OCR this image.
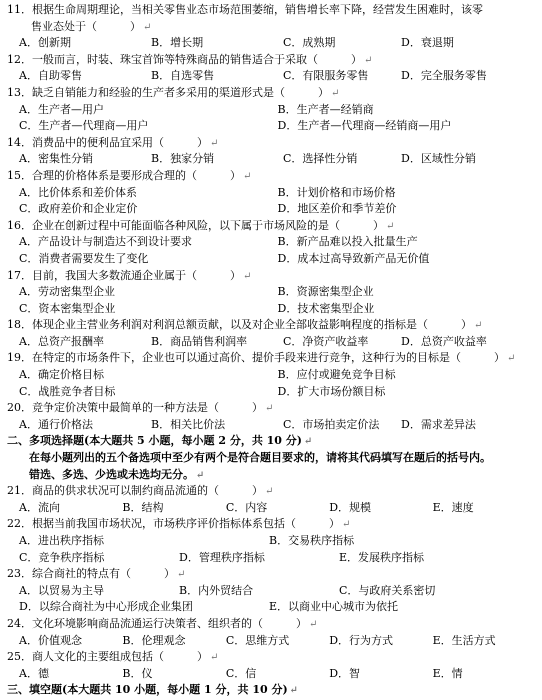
11．根据生命周期理论，当相关零售业态市场范围萎缩，销售增长率下降，经营发生困难时，该零
售业态处于（　　　） ↵
A．创新期	B．增长期	C．成熟期	D．衰退期
12．一般而言，时装、珠宝首饰等特殊商品的销售适合于采取（　　　） ↵
A．自助零售	B．自选零售	C．有限服务零售	D．完全服务零售
13．缺乏自销能力和经验的生产者多采用的渠道形式是（　　　） ↵
A．生产者—用户	B．生产者—经销商
C．生产者—代理商—用户	D．生产者—代理商—经销商—用户
14．消费品中的便利品宜采用（　　　） ↵
A．密集性分销	B．独家分销	C．选择性分销	D．区域性分销
15．合理的价格体系是要形成合理的（　　　） ↵
A．比价体系和差价体系	B．计划价格和市场价格
C．政府差价和企业定价	D．地区差价和季节差价
16．企业在创新过程中可能面临各种风险，以下属于市场风险的是（　　　） ↵
A．产品设计与制造达不到设计要求	B．新产品难以投入批量生产
C．消费者需要发生了变化	D．成本过高导致新产品无价值
17．目前，我国大多数流通企业属于（　　　） ↵
A．劳动密集型企业	B．资源密集型企业
C．资本密集型企业	D．技术密集型企业
18．体现企业主营业务利润对利润总额贡献，以及对企业全部收益影响程度的指标是（　　　） ↵
A．总资产报酬率	B．商品销售利润率	C．净资产收益率	D．总资产收益率
19．在特定的市场条件下，企业也可以通过高价、提价手段来进行竞争，这种行为的目标是（　　　） ↵
A．确定价格目标	B．应付或避免竞争目标
C．战胜竞争者目标	D．扩大市场份额目标
20．竞争定价决策中最简单的一种方法是（　　　） ↵
A．通行价格法	B．相关比价法	C．市场拍卖定价法	D．需求差异法
二、多项选择题(本大题共 5 小题，每小题 2 分，共 10 分) ↵
在每小题列出的五个备选项中至少有两个是符合题目要求的，请将其代码填写在题后的括号内。
错选、多选、少选或未选均无分。 ↵
21．商品的供求状况可以制约商品流通的（　　　） ↵
A．流向	B．结构	C．内容	D．规模	E．速度
22．根据当前我国市场状况，市场秩序评价指标体系包括（　　　） ↵
A．进出秩序指标	B．交易秩序指标
C．竞争秩序指标	D．管理秩序指标	E．发展秩序指标
23．综合商社的特点有（　　　） ↵
A．以贸易为主导	B．内外贸结合	C．与政府关系密切
D．以综合商社为中心形成企业集团	E．以商业中心城市为依托
24．文化环境影响商品流通运行决策者、组织者的（　　　） ↵
A．价值观念	B．伦理观念	C．思维方式	D．行为方式	E．生活方式
25．商人文化的主要组成包括（　　　） ↵
A．德	B．仪	C．信	D．智	E．情
三、填空题(本大题共 10 小题，每小题 1 分，共 10 分) ↵
